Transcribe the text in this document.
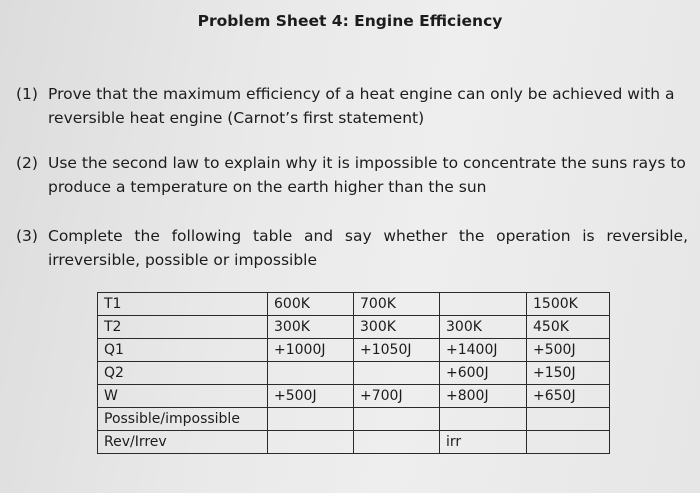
Problem Sheet 4: Engine Efficiency
(1) Prove that the maximum efficiency of a heat engine can only be achieved with a reversible heat engine (Carnot’s first statement)
(2) Use the second law to explain why it is impossible to concentrate the suns rays to produce a temperature on the earth higher than the sun
(3) Complete the following table and say whether the operation is reversible, irreversible, possible or impossible
T1	600K	700K		1500K
T2	300K	300K	300K	450K
Q1	+1000J	+1050J	+1400J	+500J
Q2			+600J	+150J
W	+500J	+700J	+800J	+650J
Possible/impossible				
Rev/Irrev			irr	
